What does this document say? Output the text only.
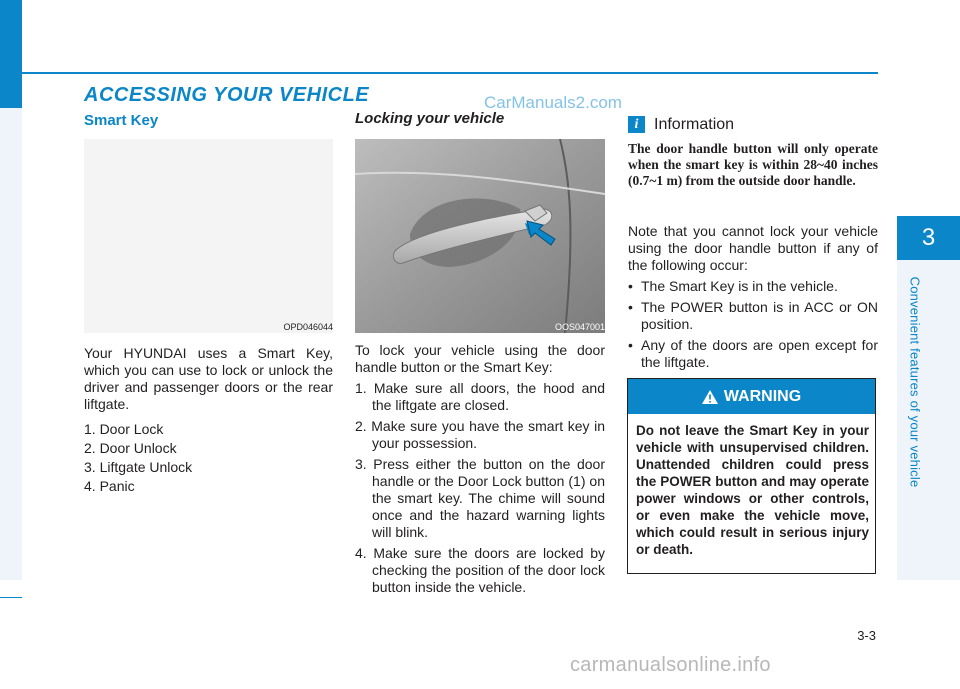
3
Convenient features of your vehicle
ACCESSING YOUR VEHICLE	CarManuals2.com
Smart Key
OPD046044

Your HYUNDAI uses a Smart Key, which you can use to lock or unlock the driver and passenger doors or the rear liftgate.

1. Door Lock
2. Door Unlock
3. Liftgate Unlock
4. Panic
Locking your vehicle
OOS047001

To lock your vehicle using the door handle button or the Smart Key:

1. Make sure all doors, the hood and the liftgate are closed.
2. Make sure you have the smart key in your possession.
3. Press either the button on the door handle or the Door Lock button (1) on the smart key. The chime will sound once and the hazard warning lights will blink.
4. Make sure the doors are locked by checking the position of the door lock button inside the vehicle.
i Information
The door handle button will only operate when the smart key is within 28~40 inches (0.7~1 m) from the outside door handle.

Note that you cannot lock your vehicle using the door handle button if any of the following occur:

• The Smart Key is in the vehicle.
• The POWER button is in ACC or ON position.
• Any of the doors are open except for the liftgate.
WARNING
Do not leave the Smart Key in your vehicle with unsupervised children. Unattended children could press the POWER button and may operate power windows or other controls, or even make the vehicle move, which could result in serious injury or death.
3-3
carmanualsonline.info
